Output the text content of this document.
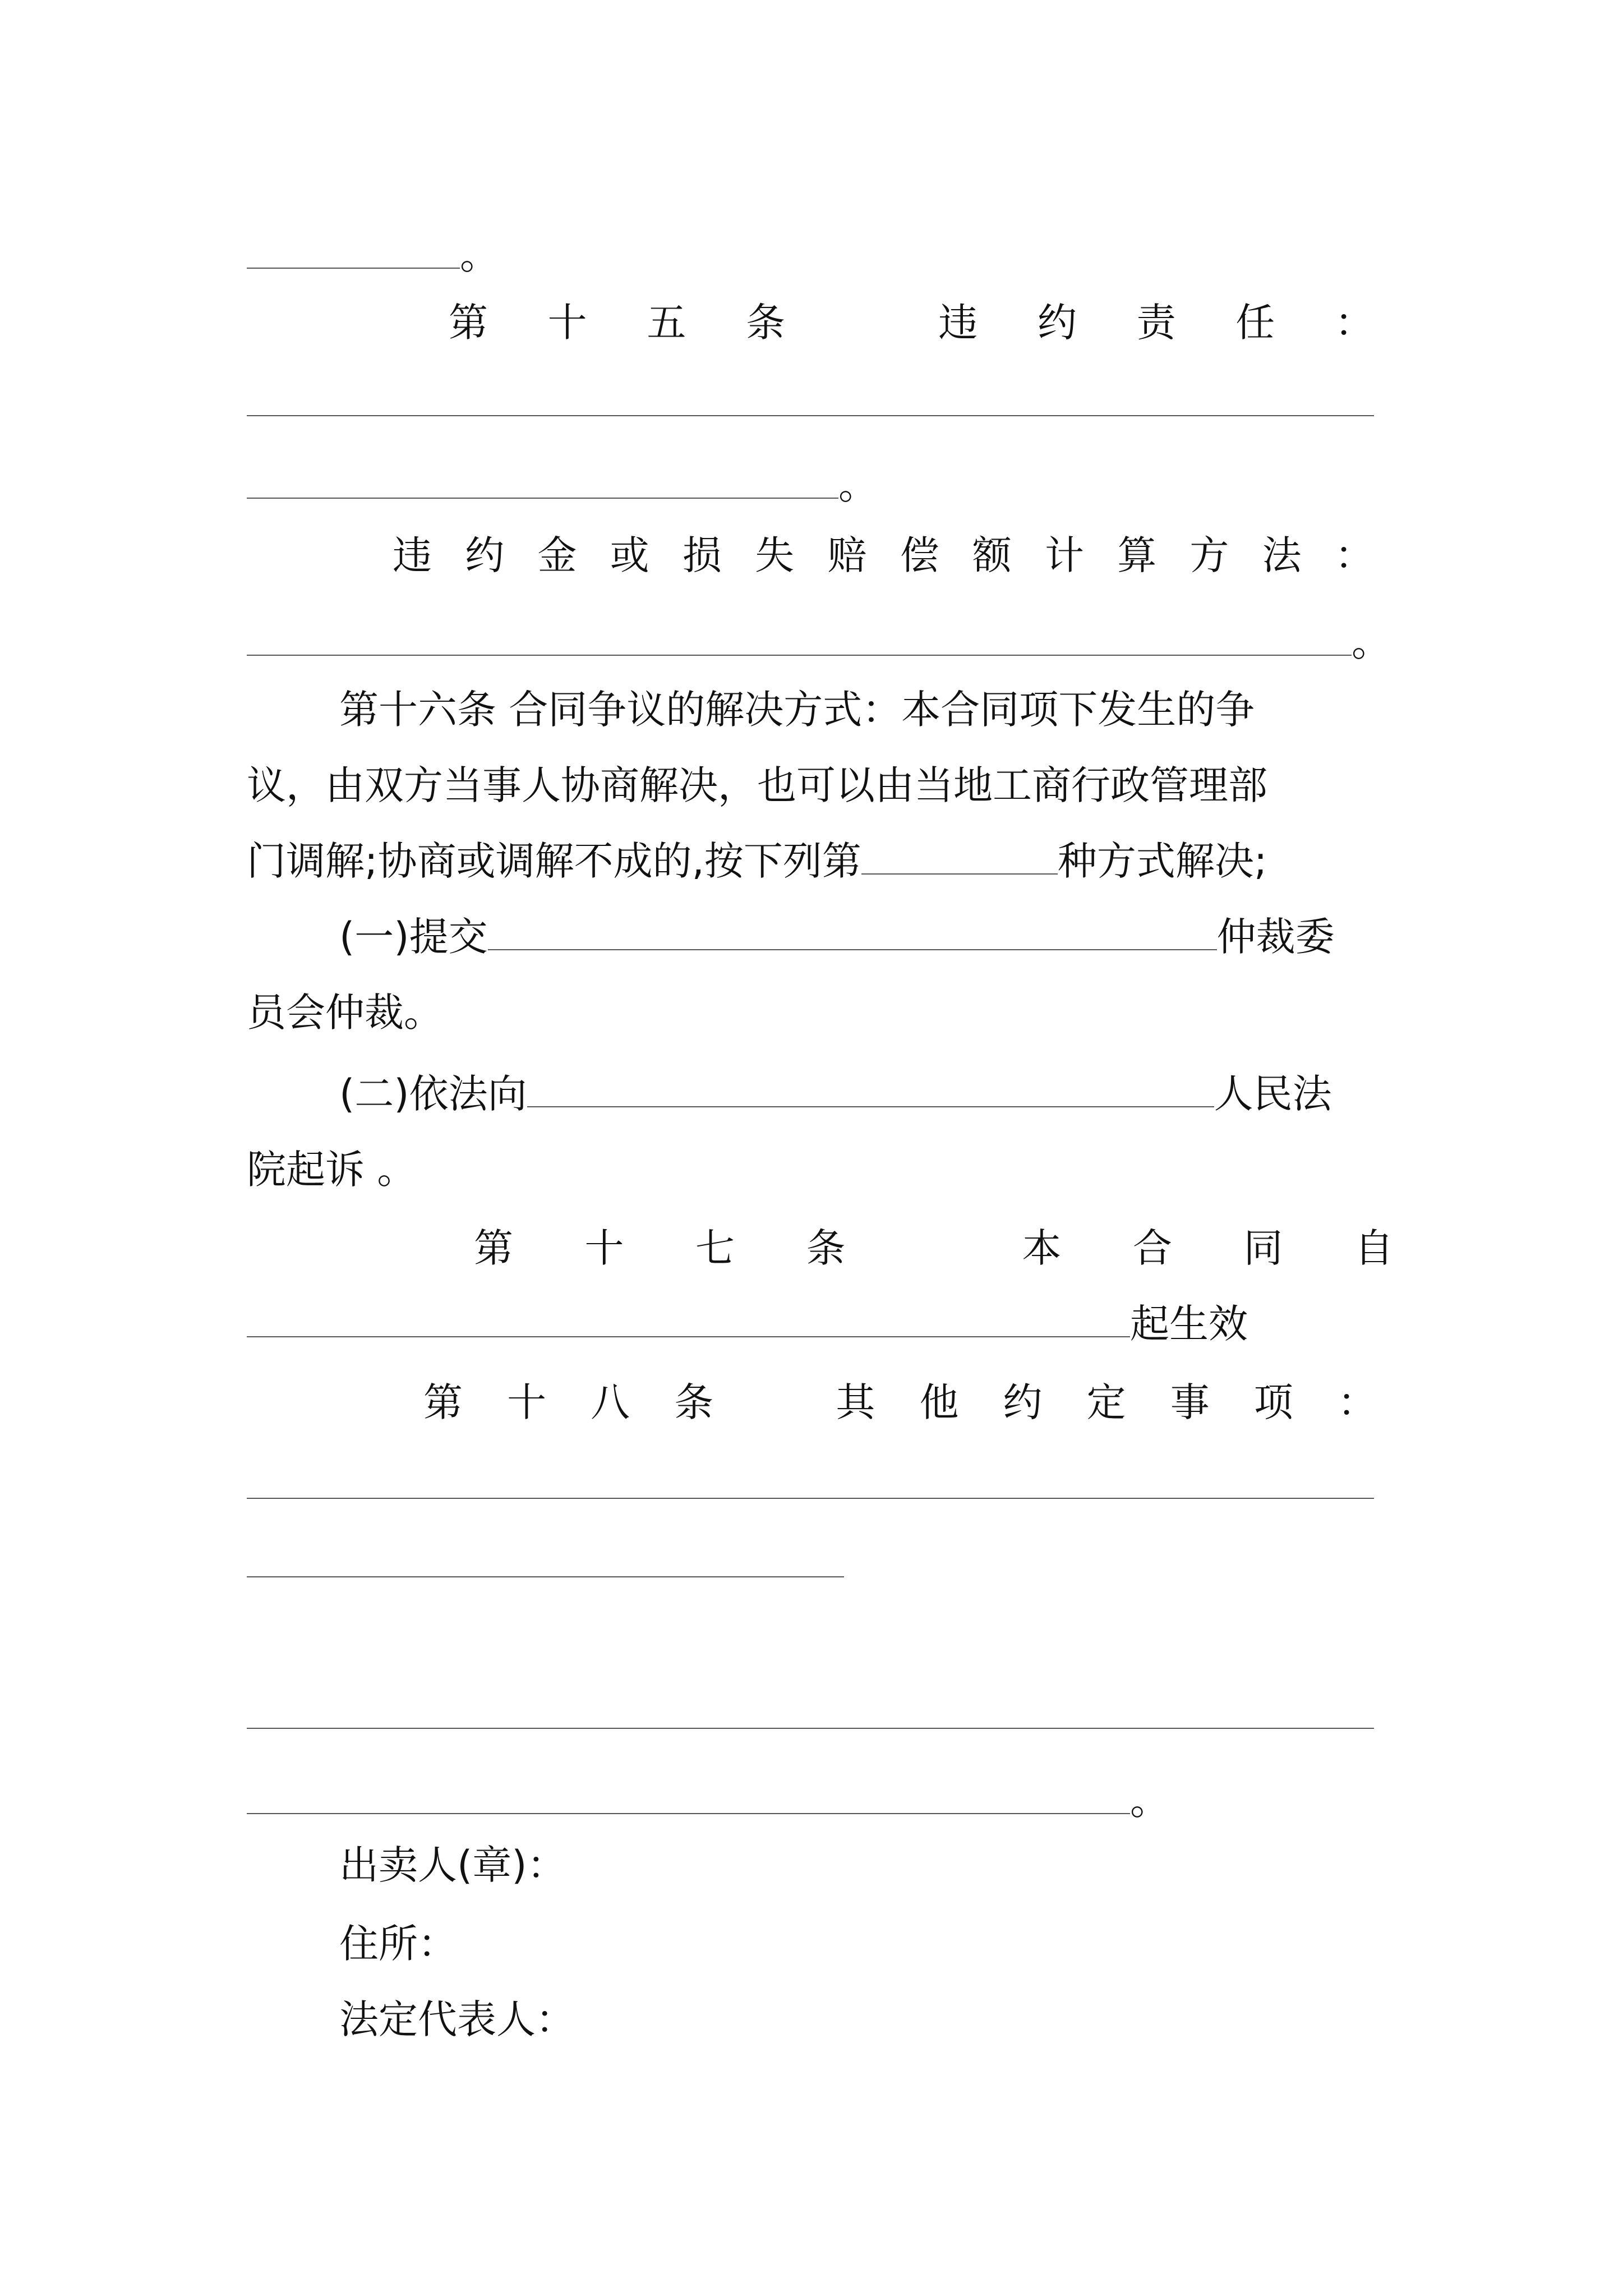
。
第 十 五 条	违 约 责 任 ：
。
违 约 金 或 损 失 赔 偿 额 计 算 方 法 ：
。
第十六条 合同争议的解决方式：本合同项下发生的争
议，由双方当事人协商解决，也可以由当地工商行政管理部
门调解;协商或调解不成的,按下列第	种方式解决;
(一)提交	仲裁委
员会仲裁。
(二)依法向	人民法
院起诉 。
第 十 七 条	本 合 同 自
起生效
第 十 八 条	其 他 约 定 事 项 ：
。
出卖人(章)：
住所：
法定代表人：
